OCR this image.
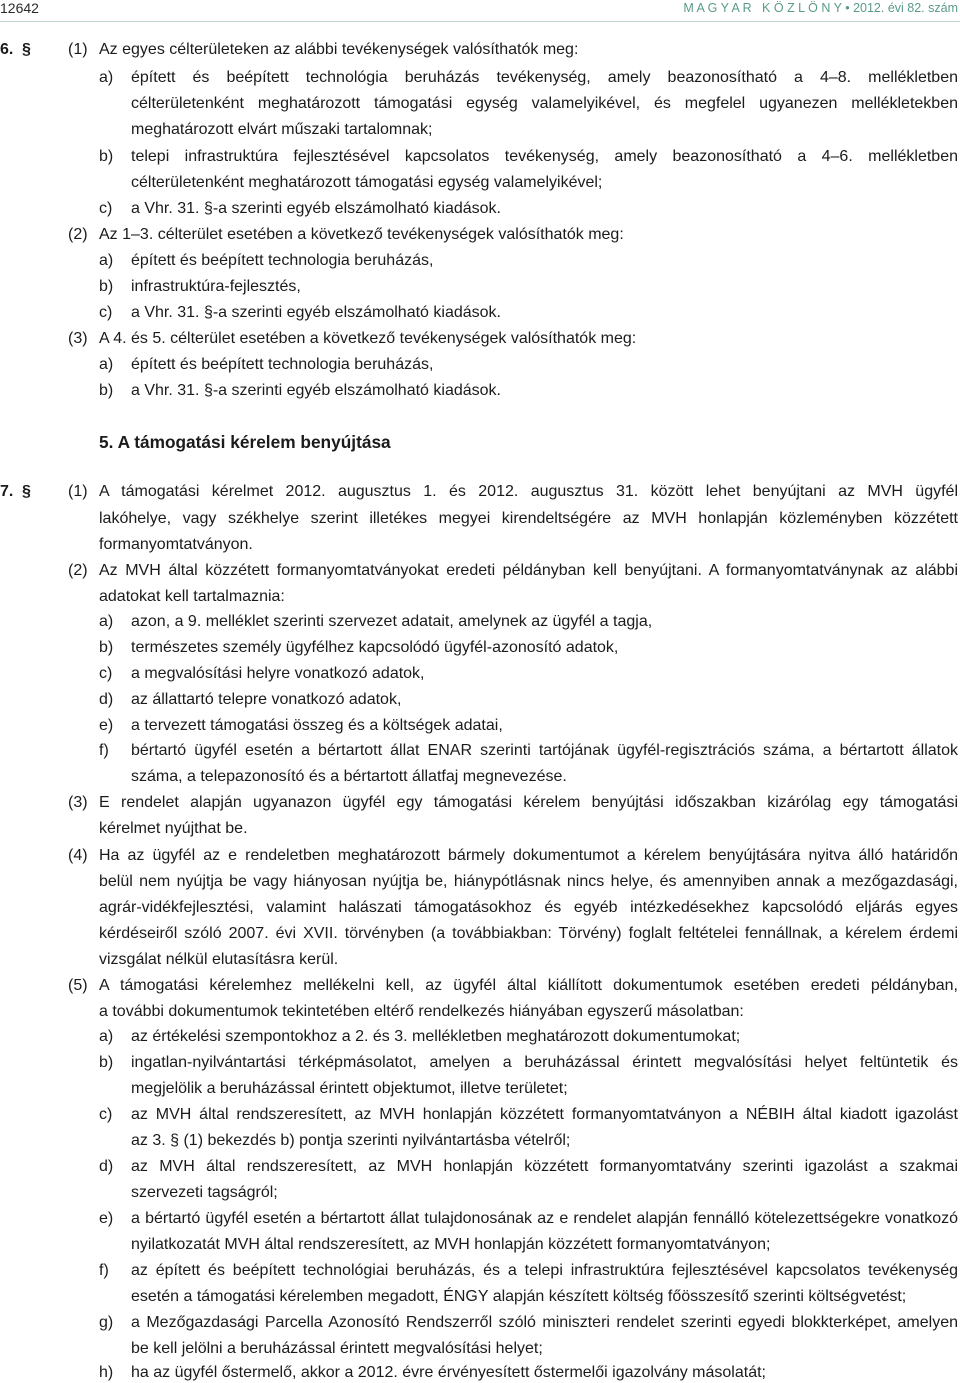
12642	M A G Y A R   K Ö Z L Ö N Y • 2012. évi 82. szám
6. § (1) Az egyes célterületeken az alábbi tevékenységek valósíthatók meg:
a) épített és beépített technológia beruházás tevékenység, amely beazonosítható a 4–8. mellékletben
célterületenként meghatározott támogatási egység valamelyikével, és megfelel ugyanezen mellékletekben
meghatározott elvárt műszaki tartalomnak;
b) telepi infrastruktúra fejlesztésével kapcsolatos tevékenység, amely beazonosítható a 4–6. mellékletben
célterületenként meghatározott támogatási egység valamelyikével;
c) a Vhr. 31. §-a szerinti egyéb elszámolható kiadások.
(2) Az 1–3. célterület esetében a következő tevékenységek valósíthatók meg:
a) épített és beépített technologia beruházás,
b) infrastruktúra-fejlesztés,
c) a Vhr. 31. §-a szerinti egyéb elszámolható kiadások.
(3) A 4. és 5. célterület esetében a következő tevékenységek valósíthatók meg:
a) épített és beépített technologia beruházás,
b) a Vhr. 31. §-a szerinti egyéb elszámolható kiadások.
5. A támogatási kérelem benyújtása
7. § (1) A támogatási kérelmet 2012. augusztus 1. és 2012. augusztus 31. között lehet benyújtani az MVH ügyfél
lakóhelye, vagy székhelye szerint illetékes megyei kirendeltségére az MVH honlapján közleményben közzétett
formanyomtatványon.
(2) Az MVH által közzétett formanyomtatványokat eredeti példányban kell benyújtani. A formanyomtatványnak az alábbi
adatokat kell tartalmaznia:
a) azon, a 9. melléklet szerinti szervezet adatait, amelynek az ügyfél a tagja,
b) természetes személy ügyfélhez kapcsolódó ügyfél-azonosító adatok,
c) a megvalósítási helyre vonatkozó adatok,
d) az állattartó telepre vonatkozó adatok,
e) a tervezett támogatási összeg és a költségek adatai,
f) bértartó ügyfél esetén a bértartott állat ENAR szerinti tartójának ügyfél-regisztrációs száma, a bértartott állatok
száma, a telepazonosító és a bértartott állatfaj megnevezése.
(3) E rendelet alapján ugyanazon ügyfél egy támogatási kérelem benyújtási időszakban kizárólag egy támogatási
kérelmet nyújthat be.
(4) Ha az ügyfél az e rendeletben meghatározott bármely dokumentumot a kérelem benyújtására nyitva álló határidőn
belül nem nyújtja be vagy hiányosan nyújtja be, hiánypótlásnak nincs helye, és amennyiben annak a mezőgazdasági,
agrár-vidékfejlesztési, valamint halászati támogatásokhoz és egyéb intézkedésekhez kapcsolódó eljárás egyes
kérdéseiről szóló 2007. évi XVII. törvényben (a továbbiakban: Törvény) foglalt feltételei fennállnak, a kérelem érdemi
vizsgálat nélkül elutasításra kerül.
(5) A támogatási kérelemhez mellékelni kell, az ügyfél által kiállított dokumentumok esetében eredeti példányban,
a további dokumentumok tekintetében eltérő rendelkezés hiányában egyszerű másolatban:
a) az értékelési szempontokhoz a 2. és 3. mellékletben meghatározott dokumentumokat;
b) ingatlan-nyilvántartási térképmásolatot, amelyen a beruházással érintett megvalósítási helyet feltüntetik és
megjelölik a beruházással érintett objektumot, illetve területet;
c) az MVH által rendszeresített, az MVH honlapján közzétett formanyomtatványon a NÉBIH által kiadott igazolást
az 3. § (1) bekezdés b) pontja szerinti nyilvántartásba vételről;
d) az MVH által rendszeresített, az MVH honlapján közzétett formanyomtatvány szerinti igazolást a szakmai
szervezeti tagságról;
e) a bértartó ügyfél esetén a bértartott állat tulajdonosának az e rendelet alapján fennálló kötelezettségekre vonatkozó
nyilatkozatát MVH által rendszeresített, az MVH honlapján közzétett formanyomtatványon;
f) az épített és beépített technológiai beruházás, és a telepi infrastruktúra fejlesztésével kapcsolatos tevékenység
esetén a támogatási kérelemben megadott, ÉNGY alapján készített költség főösszesítő szerinti költségvetést;
g) a Mezőgazdasági Parcella Azonosító Rendszerről szóló miniszteri rendelet szerinti egyedi blokkterképet, amelyen
be kell jelölni a beruházással érintett megvalósítási helyet;
h) ha az ügyfél őstermelő, akkor a 2012. évre érvényesített őstermelői igazolvány másolatát;
